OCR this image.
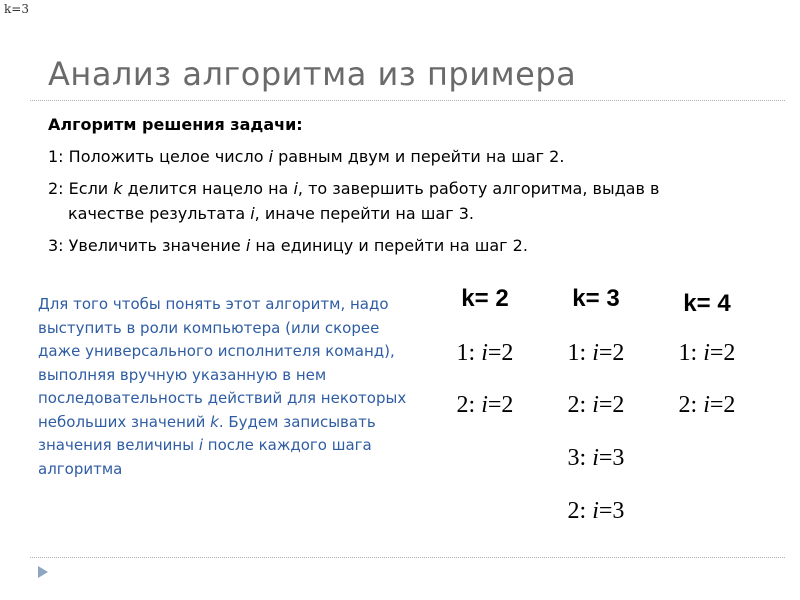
k=3
Анализ алгоритма из примера
Алгоритм решения задачи:
1: Положить целое число i равным двум и перейти на шаг 2.
2: Если k делится нацело на i, то завершить работу алгоритма, выдав в
качестве результата i, иначе перейти на шаг 3.
3: Увеличить значение i на единицу и перейти на шаг 2.
Для того чтобы понять этот алгоритм, надо выступить в роли компьютера (или скорее даже универсального исполнителя команд), выполняя вручную указанную в нем последовательность действий для некоторых небольших значений k. Будем записывать значения величины i после каждого шага алгоритма
k= 2
1: i=2
2: i=2
k= 3
1: i=2
2: i=2
3: i=3
2: i=3
k= 4
1: i=2
2: i=2
